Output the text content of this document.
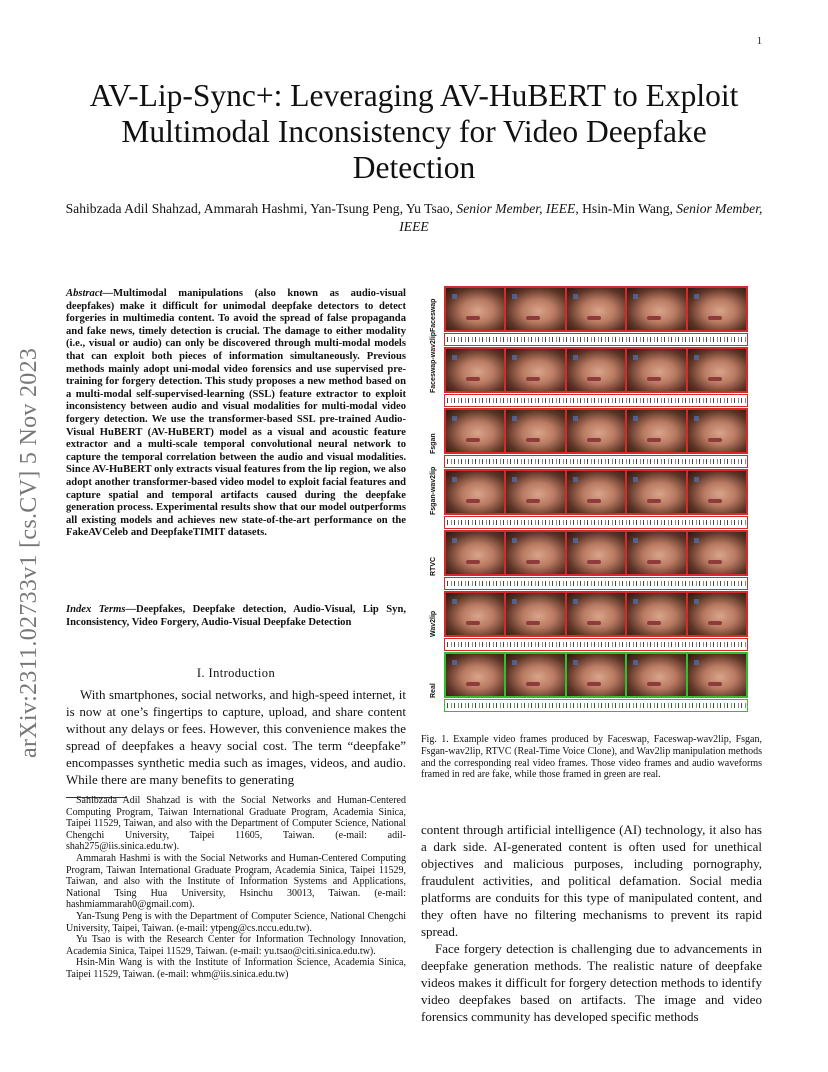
1
arXiv:2311.02733v1 [cs.CV] 5 Nov 2023
AV-Lip-Sync+: Leveraging AV-HuBERT to Exploit Multimodal Inconsistency for Video Deepfake Detection
Sahibzada Adil Shahzad, Ammarah Hashmi, Yan-Tsung Peng, Yu Tsao, Senior Member, IEEE, Hsin-Min Wang, Senior Member, IEEE
Abstract—Multimodal manipulations (also known as audio-visual deepfakes) make it difficult for unimodal deepfake detectors to detect forgeries in multimedia content. To avoid the spread of false propaganda and fake news, timely detection is crucial. The damage to either modality (i.e., visual or audio) can only be discovered through multi-modal models that can exploit both pieces of information simultaneously. Previous methods mainly adopt uni-modal video forensics and use supervised pre-training for forgery detection. This study proposes a new method based on a multi-modal self-supervised-learning (SSL) feature extractor to exploit inconsistency between audio and visual modalities for multi-modal video forgery detection. We use the transformer-based SSL pre-trained Audio-Visual HuBERT (AV-HuBERT) model as a visual and acoustic feature extractor and a multi-scale temporal convolutional neural network to capture the temporal correlation between the audio and visual modalities. Since AV-HuBERT only extracts visual features from the lip region, we also adopt another transformer-based video model to exploit facial features and capture spatial and temporal artifacts caused during the deepfake generation process. Experimental results show that our model outperforms all existing models and achieves new state-of-the-art performance on the FakeAVCeleb and DeepfakeTIMIT datasets.
Index Terms—Deepfakes, Deepfake detection, Audio-Visual, Lip Syn, Inconsistency, Video Forgery, Audio-Visual Deepfake Detection
I. Introduction
With smartphones, social networks, and high-speed internet, it is now at one’s fingertips to capture, upload, and share content without any delays or fees. However, this convenience makes the spread of deepfakes a heavy social cost. The term “deepfake” encompasses synthetic media such as images, videos, and audio. While there are many benefits to generating

Sahibzada Adil Shahzad is with the Social Networks and Human-Centered Computing Program, Taiwan International Graduate Program, Academia Sinica, Taipei 11529, Taiwan, and also with the Department of Computer Science, National Chengchi University, Taipei 11605, Taiwan. (e-mail: adil-shah275@iis.sinica.edu.tw).

Ammarah Hashmi is with the Social Networks and Human-Centered Computing Program, Taiwan International Graduate Program, Academia Sinica, Taipei 11529, Taiwan, and also with the Institute of Information Systems and Applications, National Tsing Hua University, Hsinchu 30013, Taiwan. (e-mail: hashmiammarah0@gmail.com).

Yan-Tsung Peng is with the Department of Computer Science, National Chengchi University, Taipei, Taiwan. (e-mail: ytpeng@cs.nccu.edu.tw).

Yu Tsao is with the Research Center for Information Technology Innovation, Academia Sinica, Taipei 11529, Taiwan. (e-mail: yu.tsao@citi.sinica.edu.tw).

Hsin-Min Wang is with the Institute of Information Science, Academia Sinica, Taipei 11529, Taiwan. (e-mail: whm@iis.sinica.edu.tw)

Faceswap
Faceswap-wav2lip
Fsgan
Fsgan-wav2lip
RTVC
Wav2lip
Real
Fig. 1. Example video frames produced by Faceswap, Faceswap-wav2lip, Fsgan, Fsgan-wav2lip, RTVC (Real-Time Voice Clone), and Wav2lip manipulation methods and the corresponding real video frames. Those video frames and audio waveforms framed in red are fake, while those framed in green are real.

content through artificial intelligence (AI) technology, it also has a dark side. AI-generated content is often used for unethical objectives and malicious purposes, including pornography, fraudulent activities, and political defamation. Social media platforms are conduits for this type of manipulated content, and they often have no filtering mechanisms to prevent its rapid spread.

Face forgery detection is challenging due to advancements in deepfake generation methods. The realistic nature of deepfake videos makes it difficult for forgery detection methods to identify video deepfakes based on artifacts. The image and video forensics community has developed specific methods
